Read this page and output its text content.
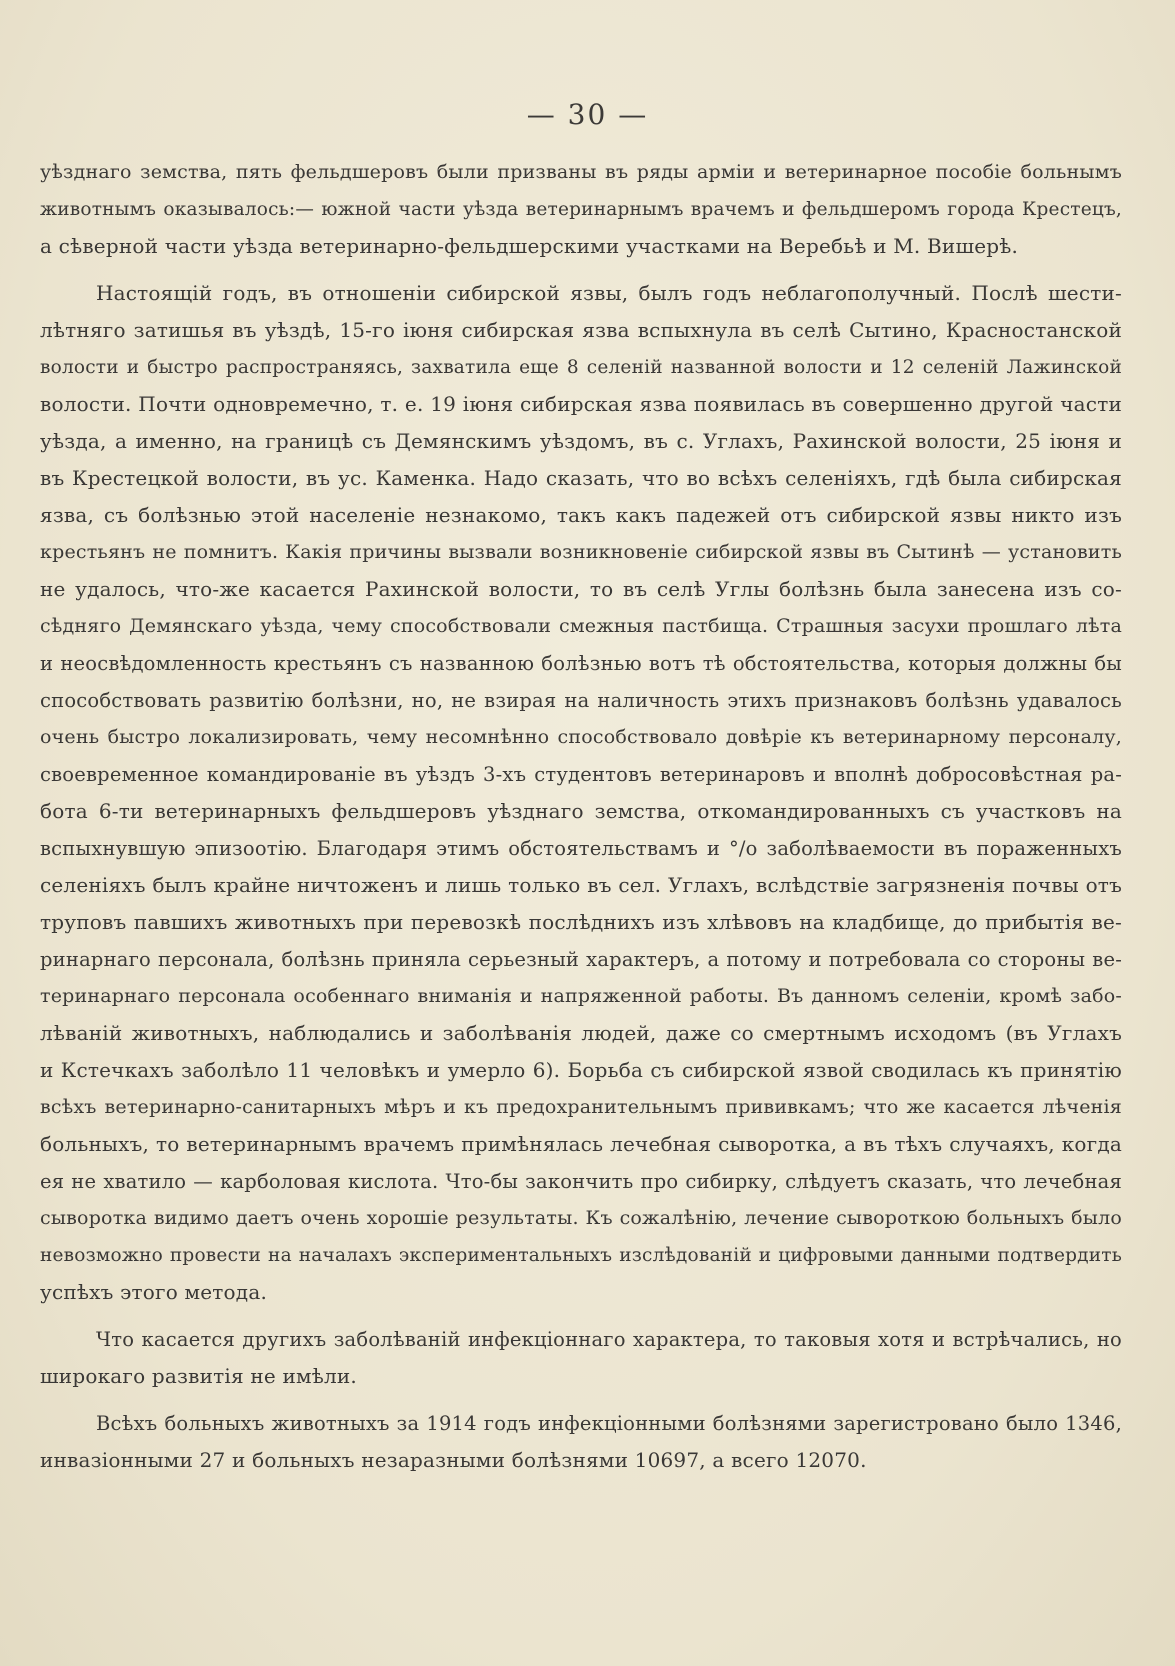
— 30 —
уѣзднаго земства, пять фельдшеровъ были призваны въ ряды арміи и ветеринарное пособіе больнымъ
животнымъ оказывалось:— южной части уѣзда ветеринарнымъ врачемъ и фельдшеромъ города Крестецъ,
а сѣверной части уѣзда ветеринарно-фельдшерскими участками на Веребьѣ и М. Вишерѣ.
Настоящій годъ, въ отношеніи сибирской язвы, былъ годъ неблагополучный. Послѣ шести-
лѣтняго затишья въ уѣздѣ, 15-го іюня сибирская язва вспыхнула въ селѣ Сытино, Красностанской
волости и быстро распространяясь, захватила еще 8 селеній названной волости и 12 селеній Лажинской
волости. Почти одновремечно, т. е. 19 іюня сибирская язва появилась въ совершенно другой части
уѣзда, а именно, на границѣ съ Демянскимъ уѣздомъ, въ с. Углахъ, Рахинской волости, 25 іюня и
въ Крестецкой волости, въ ус. Каменка. Надо сказать, что во всѣхъ селеніяхъ, гдѣ была сибирская
язва, съ болѣзнью этой населеніе незнакомо, такъ какъ падежей отъ сибирской язвы никто изъ
крестьянъ не помнитъ. Какія причины вызвали возникновеніе сибирской язвы въ Сытинѣ — установить
не удалось, что-же касается Рахинской волости, то въ селѣ Углы болѣзнь была занесена изъ со-
сѣдняго Демянскаго уѣзда, чему способствовали смежныя пастбища. Страшныя засухи прошлаго лѣта
и неосвѣдомленность крестьянъ съ названною болѣзнью вотъ тѣ обстоятельства, которыя должны бы
способствовать развитію болѣзни, но, не взирая на наличность этихъ признаковъ болѣзнь удавалось
очень быстро локализировать, чему несомнѣнно способствовало довѣріе къ ветеринарному персоналу,
своевременное командированіе въ уѣздъ 3-хъ студентовъ ветеринаровъ и вполнѣ добросовѣстная ра-
бота 6-ти ветеринарныхъ фельдшеровъ уѣзднаго земства, откомандированныхъ съ участковъ на
вспыхнувшую эпизоотію. Благодаря этимъ обстоятельствамъ и °/о заболѣваемости въ пораженныхъ
селеніяхъ былъ крайне ничтоженъ и лишь только въ сел. Углахъ, вслѣдствіе загрязненія почвы отъ
труповъ павшихъ животныхъ при перевозкѣ послѣднихъ изъ хлѣвовъ на кладбище, до прибытія ве-
ринарнаго персонала, болѣзнь приняла серьезный характеръ, а потому и потребовала со стороны ве-
теринарнаго персонала особеннаго вниманія и напряженной работы. Въ данномъ селеніи, кромѣ забо-
лѣваній животныхъ, наблюдались и заболѣванія людей, даже со смертнымъ исходомъ (въ Углахъ
и Кстечкахъ заболѣло 11 человѣкъ и умерло 6). Борьба съ сибирской язвой сводилась къ принятію
всѣхъ ветеринарно-санитарныхъ мѣръ и къ предохранительнымъ прививкамъ; что же касается лѣченія
больныхъ, то ветеринарнымъ врачемъ примѣнялась лечебная сыворотка, а въ тѣхъ случаяхъ, когда
ея не хватило — карболовая кислота. Что-бы закончить про сибирку, слѣдуетъ сказать, что лечебная
сыворотка видимо даетъ очень хорошіе результаты. Къ сожалѣнію, лечение сывороткою больныхъ было
невозможно провести на началахъ экспериментальныхъ изслѣдованій и цифровыми данными подтвердить
успѣхъ этого метода.
Что касается другихъ заболѣваній инфекціоннаго характера, то таковыя хотя и встрѣчались, но
широкаго развитія не имѣли.
Всѣхъ больныхъ животныхъ за 1914 годъ инфекціонными болѣзнями зарегистровано было 1346,
инвазіонными 27 и больныхъ незаразными болѣзнями 10697, а всего 12070.
